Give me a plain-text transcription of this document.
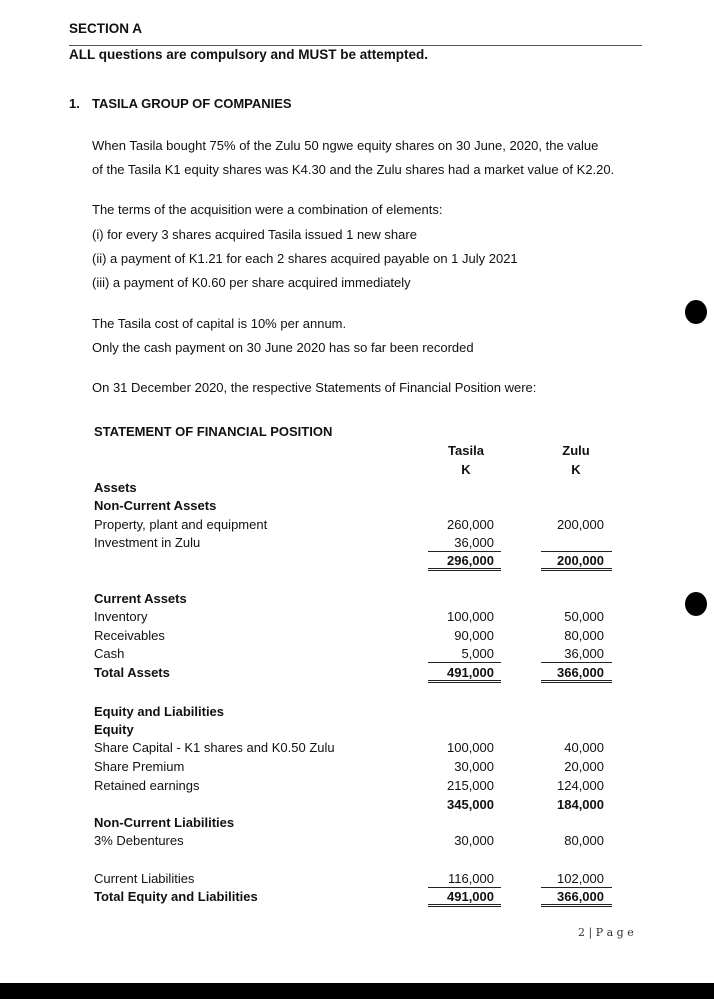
SECTION A
ALL questions are compulsory and MUST be attempted.
1. TASILA GROUP OF COMPANIES
When Tasila bought 75% of the Zulu 50 ngwe equity shares on 30 June, 2020, the value
of the Tasila K1 equity shares was K4.30 and the Zulu shares had a market value of K2.20.
The terms of the acquisition were a combination of elements:
(i) for every 3 shares acquired Tasila issued 1 new share
(ii) a payment of K1.21 for each 2 shares acquired payable on 1 July 2021
(iii) a payment of K0.60 per share acquired immediately
The Tasila cost of capital is 10% per annum.
Only the cash payment on 30 June 2020 has so far been recorded
On 31 December 2020, the respective Statements of Financial Position were:
STATEMENT OF FINANCIAL POSITION
Tasila
K
Zulu
K
Assets
Non-Current Assets
Property, plant and equipment	260,000	200,000
Investment in Zulu	36,000
296,000	200,000
Current Assets
Inventory	100,000	50,000
Receivables	90,000	80,000
Cash	5,000	36,000
Total Assets	491,000	366,000
Equity and Liabilities
Equity
Share Capital - K1 shares and K0.50 Zulu	100,000	40,000
Share Premium	30,000	20,000
Retained earnings	215,000	124,000
345,000	184,000
Non-Current Liabilities
3% Debentures	30,000	80,000
Current Liabilities	116,000	102,000
Total Equity and Liabilities	491,000	366,000
2 | P a g e
